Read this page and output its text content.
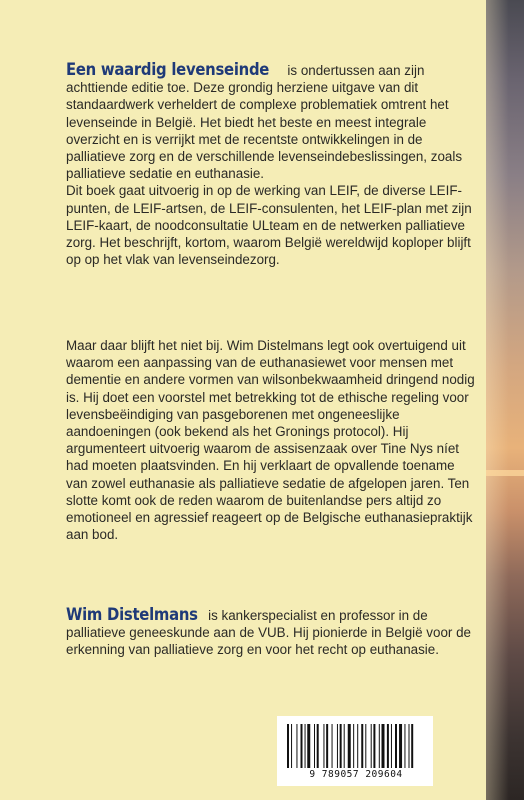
Een waardig levenseinde is ondertussen aan zijn achttiende editie toe. Deze grondig herziene uitgave van dit standaardwerk verheldert de complexe problematiek omtrent het levenseinde in België. Het biedt het beste en meest integrale overzicht en is verrijkt met de recentste ontwikkelingen in de palliatieve zorg en de verschillende levenseindebeslissingen, zoals palliatieve sedatie en euthanasie.

Dit boek gaat uitvoerig in op de werking van LEIF, de diverse LEIF-punten, de LEIF-artsen, de LEIF-consulenten, het LEIF-plan met zijn LEIF-kaart, de noodconsultatie ULteam en de netwerken palliatieve zorg. Het beschrijft, kortom, waarom België wereldwijd koploper blijft op op het vlak van levenseindezorg.

Maar daar blijft het niet bij. Wim Distelmans legt ook overtuigend uit waarom een aanpassing van de euthanasiewet voor mensen met dementie en andere vormen van wilsonbekwaamheid dringend nodig is. Hij doet een voorstel met betrekking tot de ethische regeling voor levensbeëindiging van pasgeborenen met ongeneeslijke aandoeningen (ook bekend als het Gronings protocol). Hij argumenteert uitvoerig waarom de assisenzaak over Tine Nys níet had moeten plaatsvinden. En hij verklaart de opvallende toename van zowel euthanasie als palliatieve sedatie de afgelopen jaren. Ten slotte komt ook de reden waarom de buitenlandse pers altijd zo emotioneel en agressief reageert op de Belgische euthanasiepraktijk aan bod.

Wim Distelmans is kankerspecialist en professor in de palliatieve geneeskunde aan de VUB. Hij pionierde in België voor de erkenning van palliatieve zorg en voor het recht op euthanasie.

9 789057 209604
